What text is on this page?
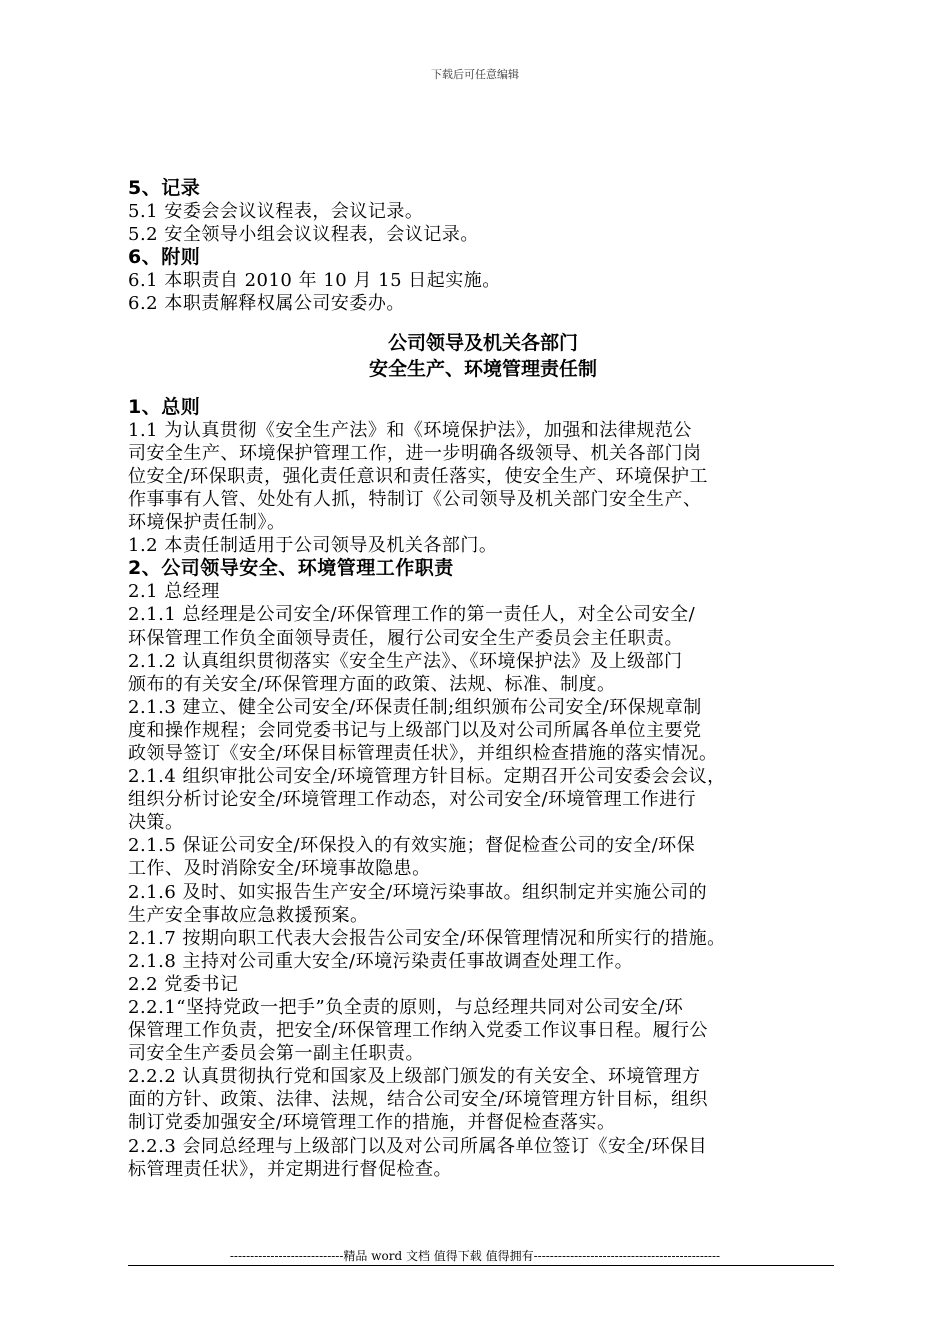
下载后可任意编辑
5、记录
5.1 安委会会议议程表，会议记录。
5.2 安全领导小组会议议程表，会议记录。
6、附则
6.1 本职责自 2010 年 10 月 15 日起实施。
6.2 本职责解释权属公司安委办。
公司领导及机关各部门
安全生产、环境管理责任制
1、总则
1.1 为认真贯彻《安全生产法》和《环境保护法》，加强和法律规范公
司安全生产、环境保护管理工作，进一步明确各级领导、机关各部门岗
位安全/环保职责，强化责任意识和责任落实，使安全生产、环境保护工
作事事有人管、处处有人抓，特制订《公司领导及机关部门安全生产、
环境保护责任制》。
1.2 本责任制适用于公司领导及机关各部门。
2、公司领导安全、环境管理工作职责
2.1 总经理
2.1.1 总经理是公司安全/环保管理工作的第一责任人，对全公司安全/
环保管理工作负全面领导责任，履行公司安全生产委员会主任职责。
2.1.2 认真组织贯彻落实《安全生产法》、《环境保护法》及上级部门
颁布的有关安全/环保管理方面的政策、法规、标准、制度。
2.1.3 建立、健全公司安全/环保责任制;组织颁布公司安全/环保规章制
度和操作规程；会同党委书记与上级部门以及对公司所属各单位主要党
政领导签订《安全/环保目标管理责任状》，并组织检查措施的落实情况。
2.1.4 组织审批公司安全/环境管理方针目标。定期召开公司安委会会议，
组织分析讨论安全/环境管理工作动态，对公司安全/环境管理工作进行
决策。
2.1.5 保证公司安全/环保投入的有效实施；督促检查公司的安全/环保
工作、及时消除安全/环境事故隐患。
2.1.6 及时、如实报告生产安全/环境污染事故。组织制定并实施公司的
生产安全事故应急救援预案。
2.1.7 按期向职工代表大会报告公司安全/环保管理情况和所实行的措施。
2.1.8 主持对公司重大安全/环境污染责任事故调查处理工作。
2.2 党委书记
2.2.1“坚持党政一把手”负全责的原则，与总经理共同对公司安全/环
保管理工作负责，把安全/环保管理工作纳入党委工作议事日程。履行公
司安全生产委员会第一副主任职责。
2.2.2 认真贯彻执行党和国家及上级部门颁发的有关安全、环境管理方
面的方针、政策、法律、法规，结合公司安全/环境管理方针目标，组织
制订党委加强安全/环境管理工作的措施，并督促检查落实。
2.2.3 会同总经理与上级部门以及对公司所属各单位签订《安全/环保目
标管理责任状》，并定期进行督促检查。
----------------------------精品 word 文档 值得下载 值得拥有----------------------------------------------
